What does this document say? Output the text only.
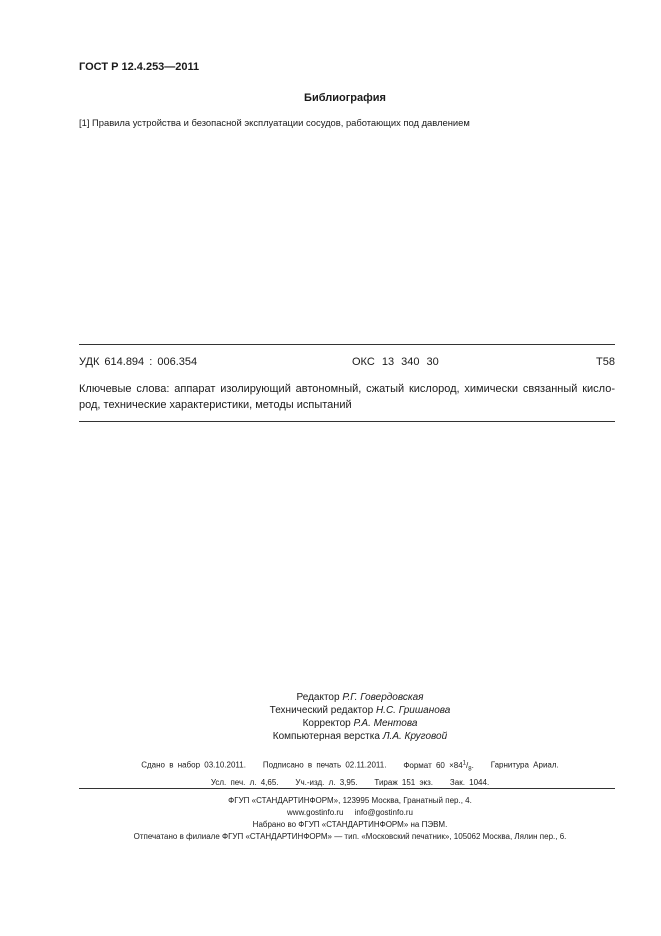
ГОСТ Р 12.4.253—2011
Библиография
[1] Правила устройства и безопасной эксплуатации сосудов, работающих под давлением
УДК 614.894 : 006.354	ОКС 13 340 30	Т58
Ключевые слова: аппарат изолирующий автономный, сжатый кислород, химически связанный кисло-род, технические характеристики, методы испытаний
Редактор Р.Г. Говердовская
Технический редактор Н.С. Гришанова
Корректор Р.А. Ментова
Компьютерная верстка Л.А. Круговой
Сдано в набор 03.10.2011. Подписано в печать 02.11.2011. Формат $60 \times 84^1/_8$. Гарнитура Ариал.
Усл. печ. л. 4,65. Уч.-изд. л. 3,95. Тираж 151 экз. Зак. 1044.
ФГУП «СТАНДАРТИНФОРМ», 123995 Москва, Гранатный пер., 4.
www.gostinfo.ru info@gostinfo.ru
Набрано во ФГУП «СТАНДАРТИНФОРМ» на ПЭВМ.
Отпечатано в филиале ФГУП «СТАНДАРТИНФОРМ» — тип. «Московский печатник», 105062 Москва, Лялин пер., 6.
